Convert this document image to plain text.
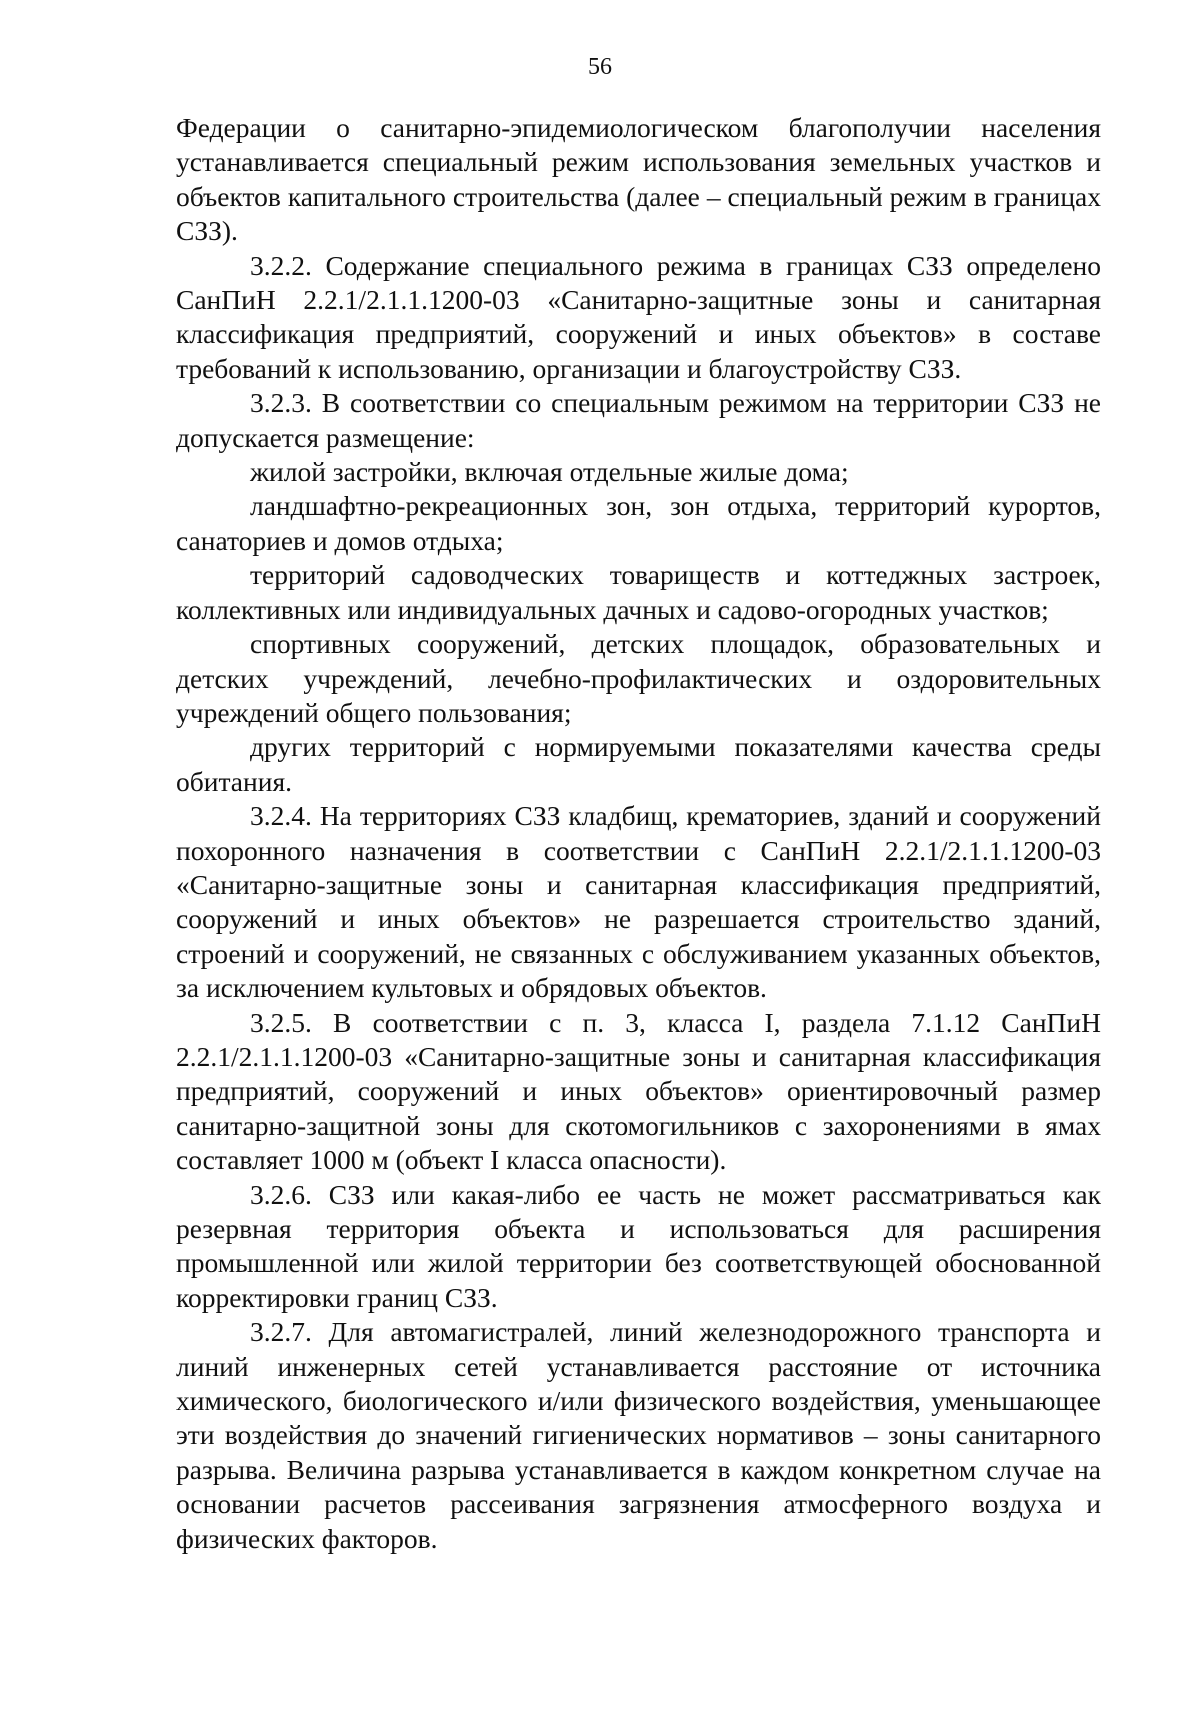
56

Федерации о санитарно-эпидемиологическом благополучии населения устанавливается специальный режим использования земельных участков и объектов капитального строительства (далее – специальный режим в границах СЗЗ).

3.2.2. Содержание специального режима в границах СЗЗ определено СанПиН 2.2.1/2.1.1.1200-03 «Санитарно-защитные зоны и санитарная классификация предприятий, сооружений и иных объектов» в составе требований к использованию, организации и благоустройству СЗЗ.

3.2.3. В соответствии со специальным режимом на территории СЗЗ не допускается размещение:

жилой застройки, включая отдельные жилые дома;

ландшафтно-рекреационных зон, зон отдыха, территорий курортов, санаториев и домов отдыха;

территорий садоводческих товариществ и коттеджных застроек, коллективных или индивидуальных дачных и садово-огородных участков;

спортивных сооружений, детских площадок, образовательных и детских учреждений, лечебно-профилактических и оздоровительных учреждений общего пользования;

других территорий с нормируемыми показателями качества среды обитания.

3.2.4. На территориях СЗЗ кладбищ, крематориев, зданий и сооружений похоронного назначения в соответствии с СанПиН 2.2.1/2.1.1.1200-03 «Санитарно-защитные зоны и санитарная классификация предприятий, сооружений и иных объектов» не разрешается строительство зданий, строений и сооружений, не связанных с обслуживанием указанных объектов, за исключением культовых и обрядовых объектов.

3.2.5. В соответствии с п. 3, класса I, раздела 7.1.12 СанПиН 2.2.1/2.1.1.1200-03 «Санитарно-защитные зоны и санитарная классификация предприятий, сооружений и иных объектов» ориентировочный размер санитарно-защитной зоны для скотомогильников с захоронениями в ямах составляет 1000 м (объект I класса опасности).

3.2.6. СЗЗ или какая-либо ее часть не может рассматриваться как резервная территория объекта и использоваться для расширения промышленной или жилой территории без соответствующей обоснованной корректировки границ СЗЗ.

3.2.7. Для автомагистралей, линий железнодорожного транспорта и линий инженерных сетей устанавливается расстояние от источника химического, биологического и/или физического воздействия, уменьшающее эти воздействия до значений гигиенических нормативов – зоны санитарного разрыва. Величина разрыва устанавливается в каждом конкретном случае на основании расчетов рассеивания загрязнения атмосферного воздуха и физических факторов.
